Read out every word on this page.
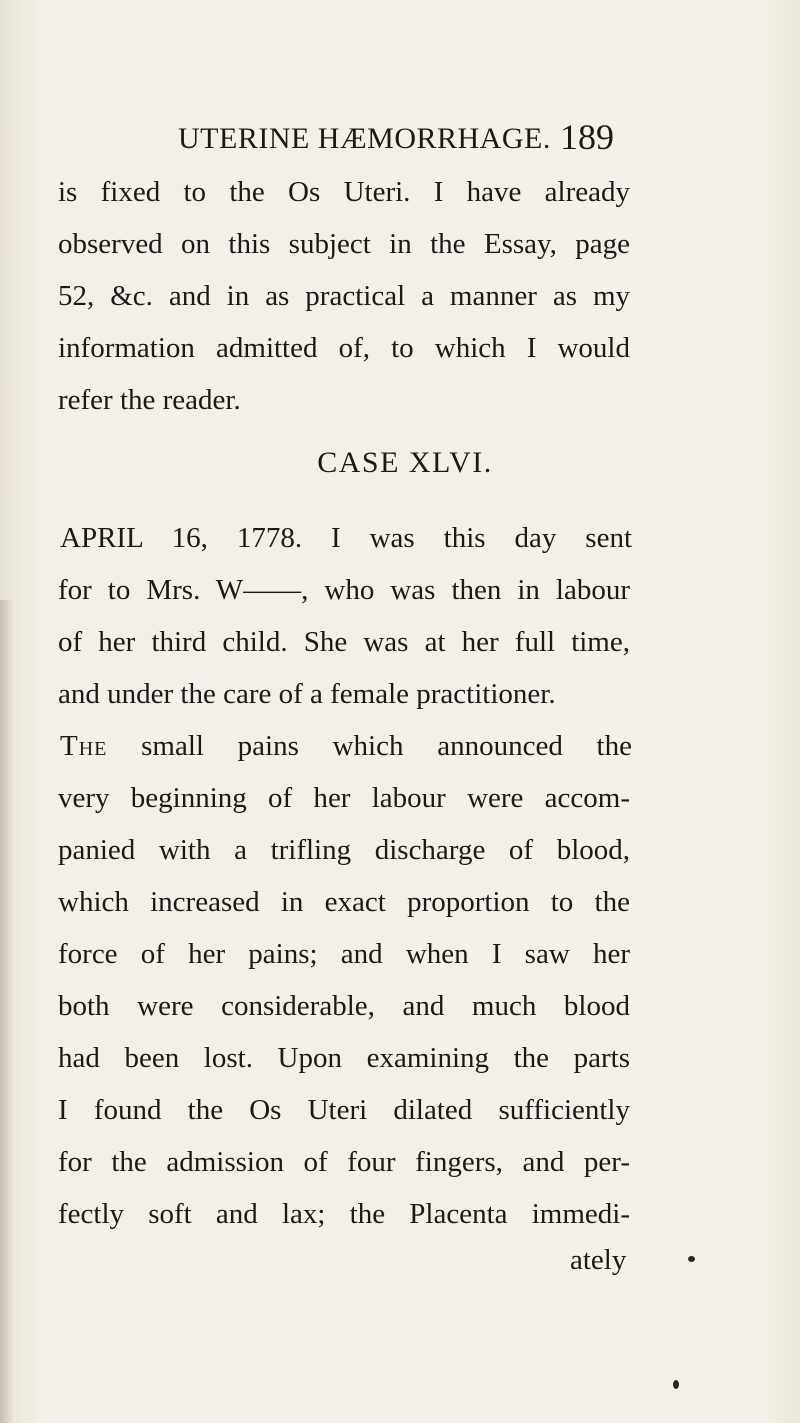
UTERINE HÆMORRHAGE. 189
is fixed to the Os Uteri. I have already
observed on this subject in the Essay, page
52, &c. and in as practical a manner as my
information admitted of, to which I would
refer the reader.
CASE XLVI.
APRIL 16, 1778. I was this day sent
for to Mrs. W——, who was then in labour
of her third child. She was at her full time,
and under the care of a female practitioner.
The small pains which announced the
very beginning of her labour were accom-
panied with a trifling discharge of blood,
which increased in exact proportion to the
force of her pains; and when I saw her
both were considerable, and much blood
had been lost. Upon examining the parts
I found the Os Uteri dilated sufficiently
for the admission of four fingers, and per-
fectly soft and lax; the Placenta immedi-
ately
